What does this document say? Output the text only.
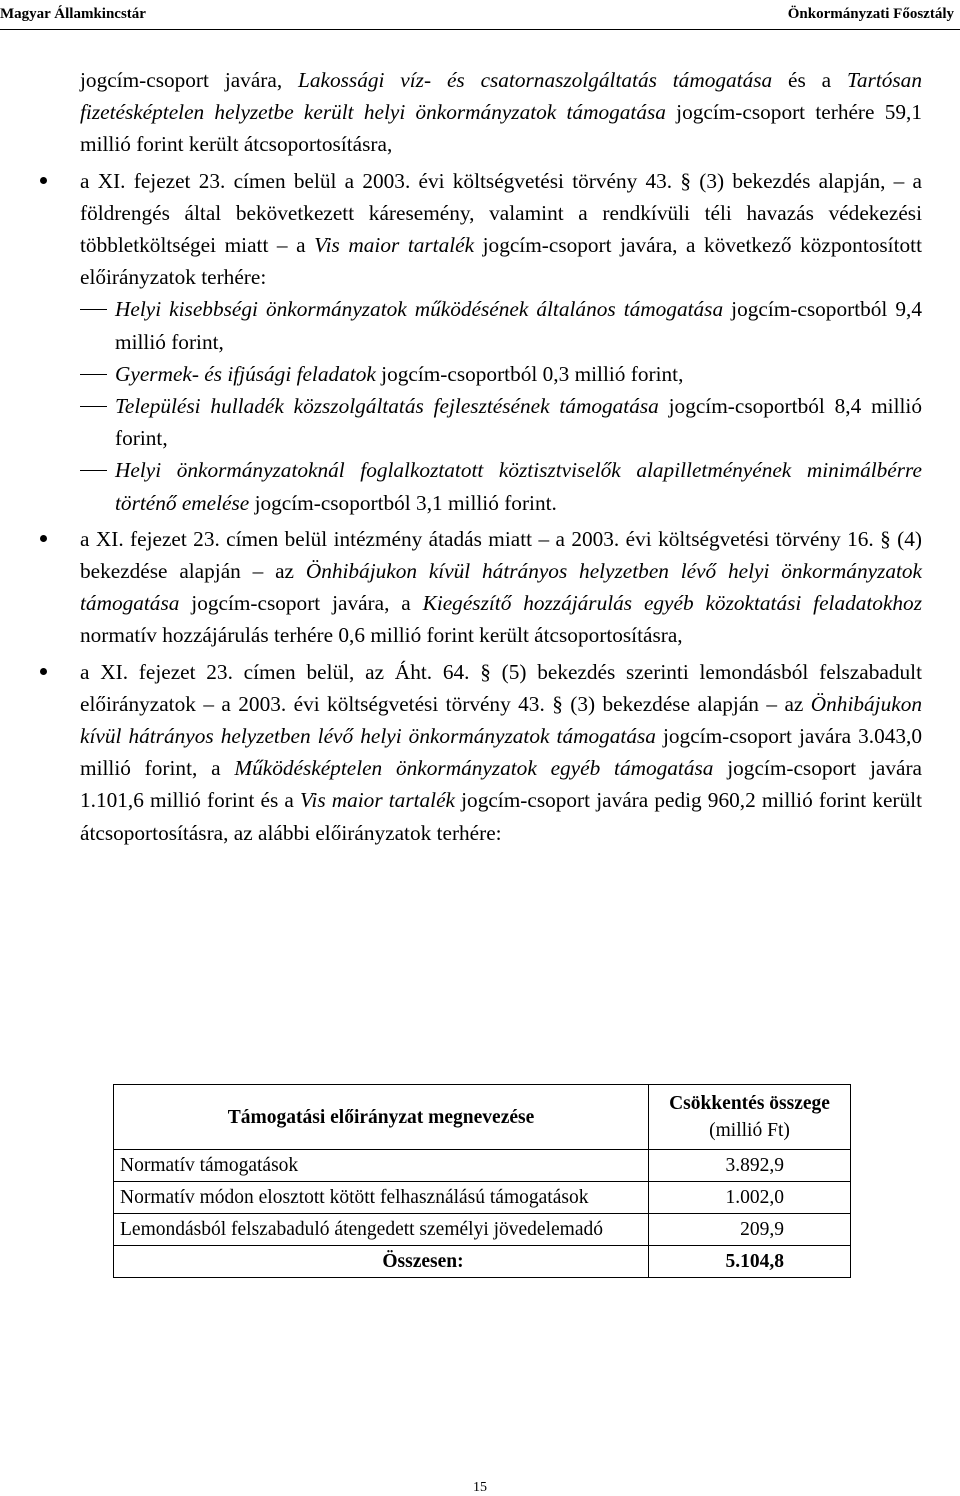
Magyar Államkincstár	Önkormányzati Főosztály

jogcím-csoport javára, Lakossági víz- és csatornaszolgáltatás támogatása és a Tartósan fizetésképtelen helyzetbe került helyi önkormányzatok támogatása jogcím-csoport terhére 59,1 millió forint került átcsoportosításra,

a XI. fejezet 23. címen belül a 2003. évi költségvetési törvény 43. § (3) bekezdés alapján, – a földrengés által bekövetkezett káresemény, valamint a rendkívüli téli havazás védekezési többletköltségei miatt – a Vis maior tartalék jogcím-csoport javára, a következő központosított előirányzatok terhére:
Helyi kisebbségi önkormányzatok működésének általános támogatása jogcím-csoportból 9,4 millió forint,
Gyermek- és ifjúsági feladatok jogcím-csoportból 0,3 millió forint,
Települési hulladék közszolgáltatás fejlesztésének támogatása jogcím-csoportból 8,4 millió forint,
Helyi önkormányzatoknál foglalkoztatott köztisztviselők alapilletményének minimálbérre történő emelése jogcím-csoportból 3,1 millió forint.
a XI. fejezet 23. címen belül intézmény átadás miatt – a 2003. évi költségvetési törvény 16. § (4) bekezdése alapján – az Önhibájukon kívül hátrányos helyzetben lévő helyi önkormányzatok támogatása jogcím-csoport javára, a Kiegészítő hozzájárulás egyéb közoktatási feladatokhoz normatív hozzájárulás terhére 0,6 millió forint került átcsoportosításra,
a XI. fejezet 23. címen belül, az Áht. 64. § (5) bekezdés szerinti lemondásból felszabadult előirányzatok – a 2003. évi költségvetési törvény 43. § (3) bekezdése alapján – az Önhibájukon kívül hátrányos helyzetben lévő helyi önkormányzatok támogatása jogcím-csoport javára 3.043,0 millió forint, a Működésképtelen önkormányzatok egyéb támogatása jogcím-csoport javára 1.101,6 millió forint és a Vis maior tartalék jogcím-csoport javára pedig 960,2 millió forint került átcsoportosításra, az alábbi előirányzatok terhére:
Támogatási előirányzat megnevezése	Csökkentés összege
(millió Ft)

Normatív támogatások	3.892,9
Normatív módon elosztott kötött felhasználású támogatások	1.002,0
Lemondásból felszabaduló átengedett személyi jövedelemadó	209,9
Összesen:	5.104,8
15
